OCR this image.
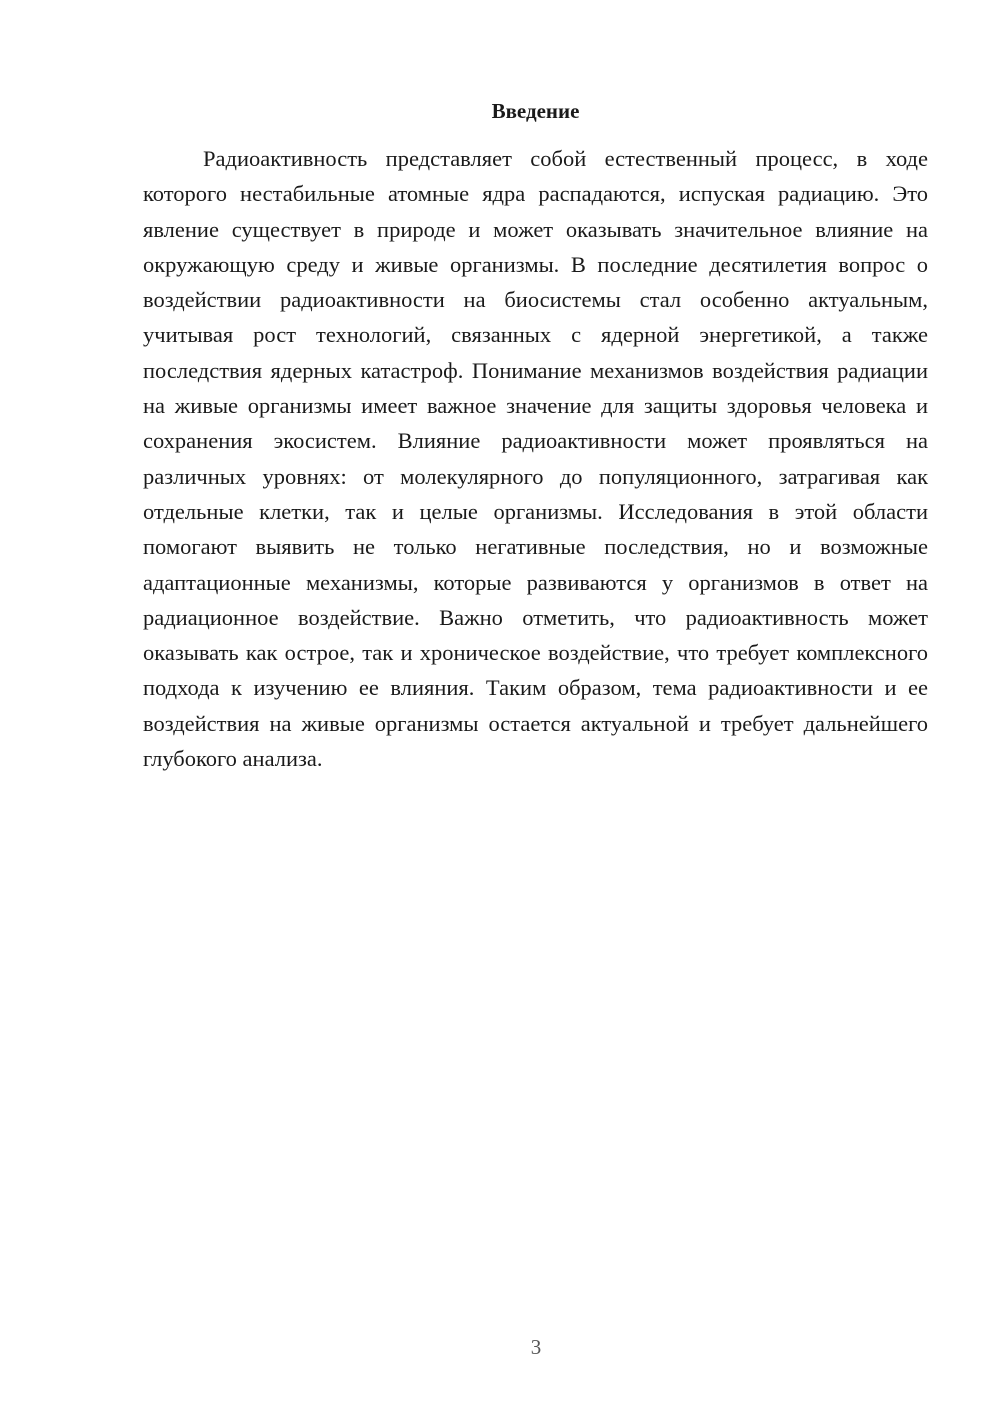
Введение

Радиоактивность представляет собой естественный процесс, в ходе которого нестабильные атомные ядра распадаются, испуская радиацию. Это явление существует в природе и может оказывать значительное влияние на окружающую среду и живые организмы. В последние десятилетия вопрос о воздействии радиоактивности на биосистемы стал особенно актуальным, учитывая рост технологий, связанных с ядерной энергетикой, а также последствия ядерных катастроф. Понимание механизмов воздействия радиации на живые организмы имеет важное значение для защиты здоровья человека и сохранения экосистем. Влияние радиоактивности может проявляться на различных уровнях: от молекулярного до популяционного, затрагивая как отдельные клетки, так и целые организмы. Исследования в этой области помогают выявить не только негативные последствия, но и возможные адаптационные механизмы, которые развиваются у организмов в ответ на радиационное воздействие. Важно отметить, что радиоактивность может оказывать как острое, так и хроническое воздействие, что требует комплексного подхода к изучению ее влияния. Таким образом, тема радиоактивности и ее воздействия на живые организмы остается актуальной и требует дальнейшего глубокого анализа.

3
